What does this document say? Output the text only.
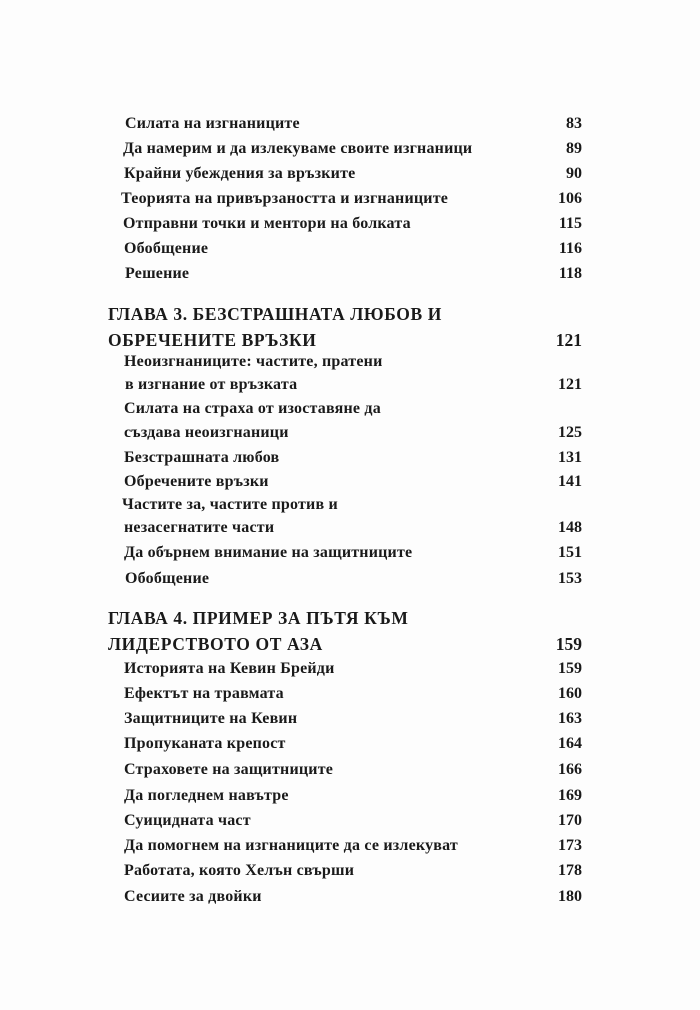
Силата на изгнаниците	83
Да намерим и да излекуваме своите изгнаници	89
Крайни убеждения за връзките	90
Теорията на привързаността и изгнаниците	106
Отправни точки и ментори на болката	115
Обобщение	116
Решение	118
ГЛАВА 3. БЕЗСТРАШНАТА ЛЮБОВ И
ОБРЕЧЕНИТЕ ВРЪЗКИ	121
Неоизгнаниците: частите, пратени
в изгнание от връзката	121
Силата на страха от изоставяне да
създава неоизгнаници	125
Безстрашната любов	131
Обречените връзки	141
Частите за, частите против и
незасегнатите части	148
Да обърнем внимание на защитниците	151
Обобщение	153
ГЛАВА 4. ПРИМЕР ЗА ПЪТЯ КЪМ
ЛИДЕРСТВОТО ОТ АЗА	159
Историята на Кевин Брейди	159
Ефектът на травмата	160
Защитниците на Кевин	163
Пропуканата крепост	164
Страховете на защитниците	166
Да погледнем навътре	169
Суицидната част	170
Да помогнем на изгнаниците да се излекуват	173
Работата, която Хелън свърши	178
Сесиите за двойки	180
